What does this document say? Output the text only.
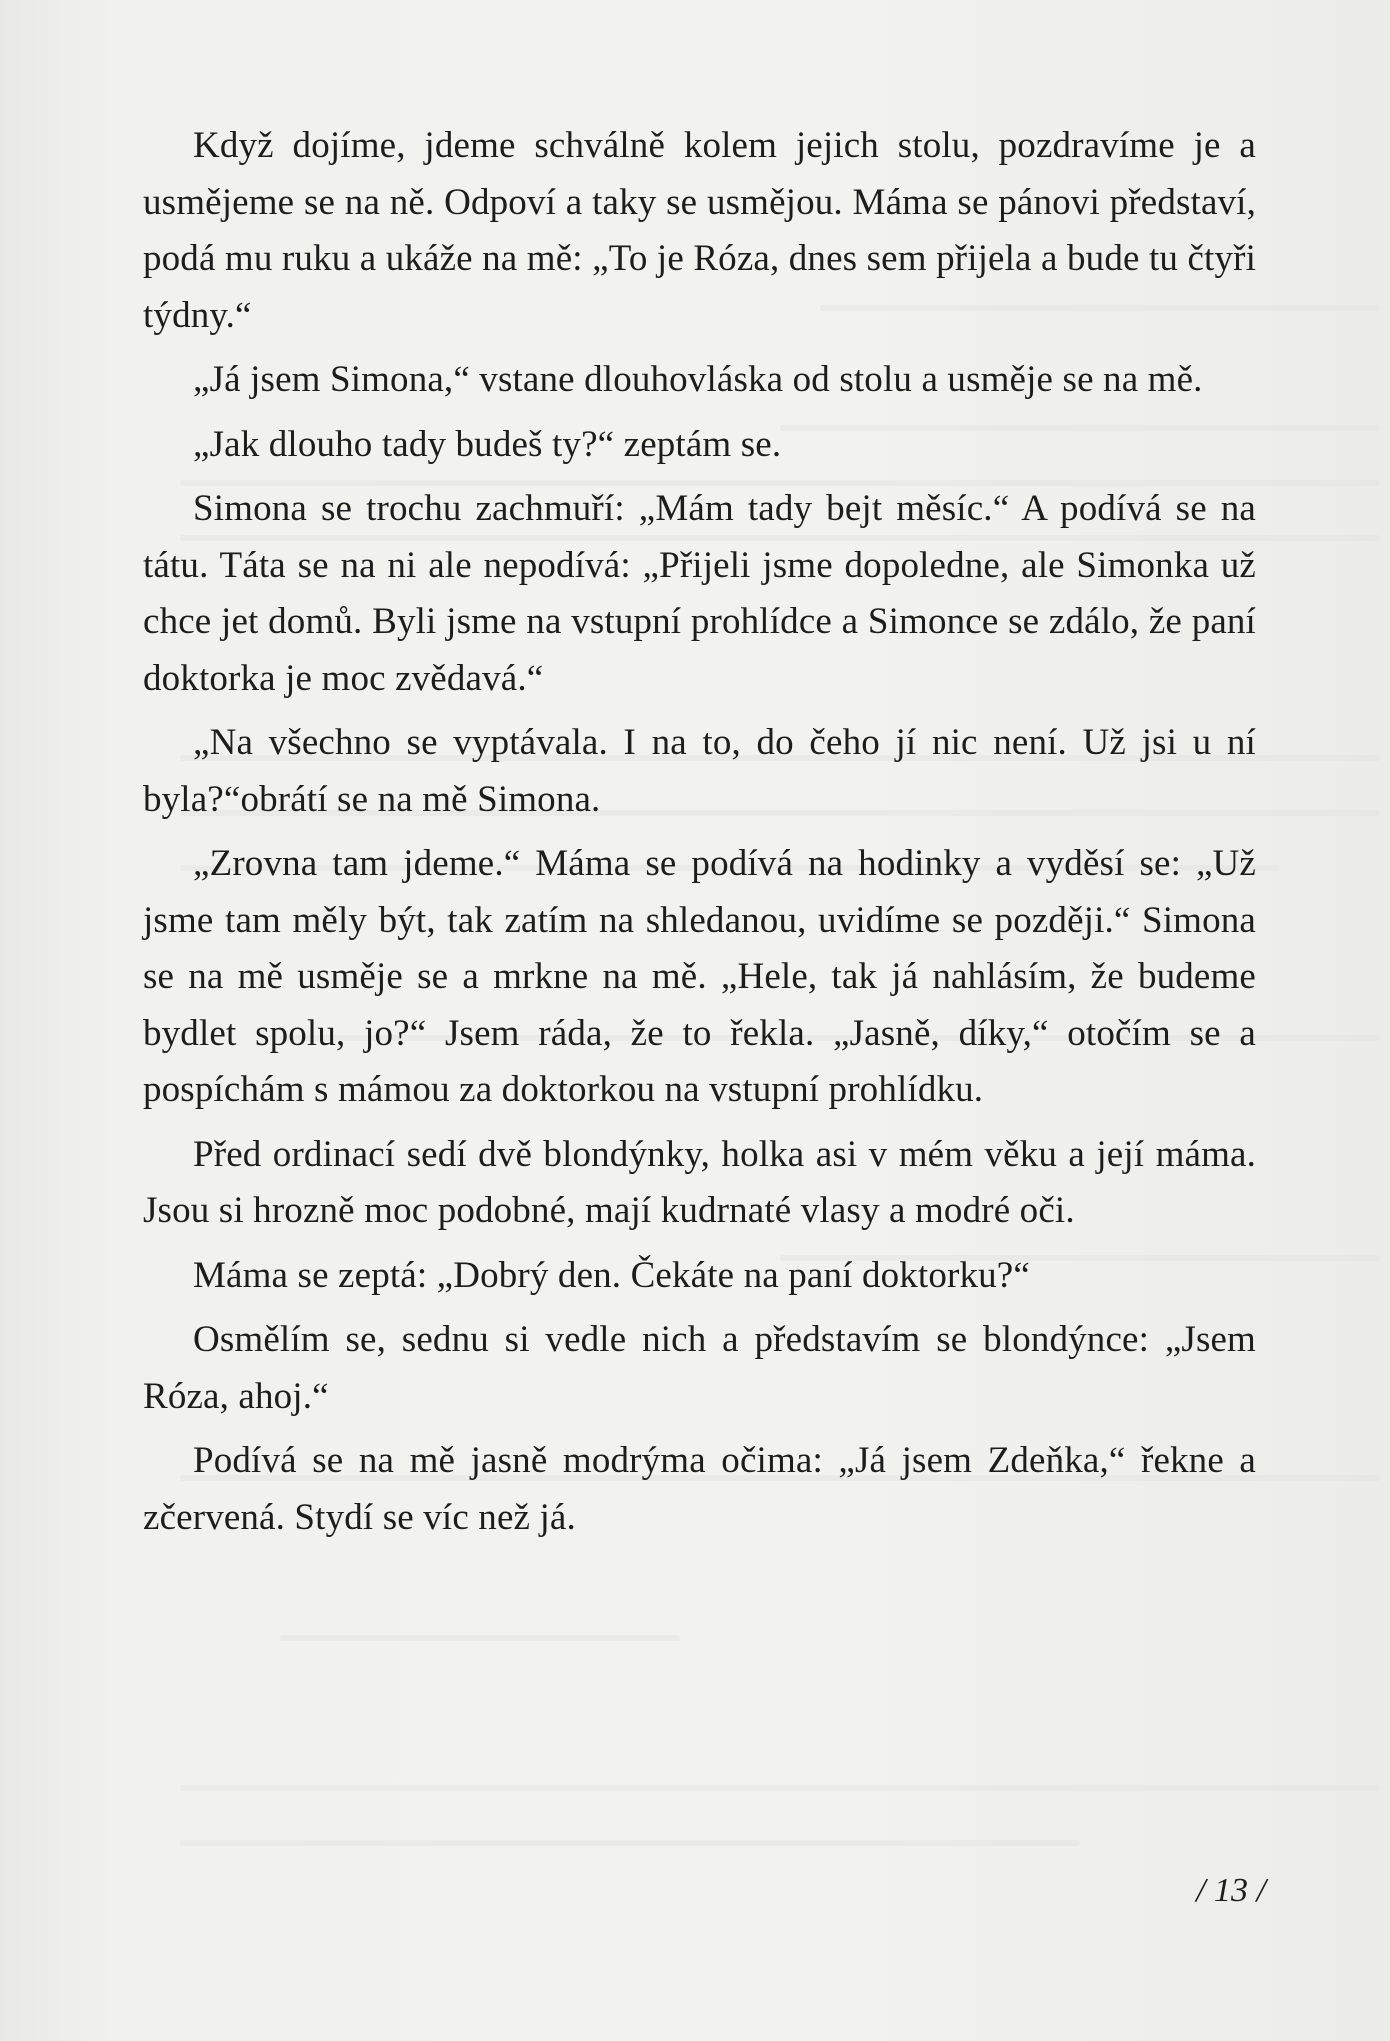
Když dojíme, jdeme schválně kolem jejich stolu, pozdravíme je a usmějeme se na ně. Odpoví a taky se usmějou. Máma se pánovi představí, podá mu ruku a ukáže na mě: „To je Róza, dnes sem přijela a bude tu čtyři týdny.“

„Já jsem Simona,“ vstane dlouhovláska od stolu a usměje se na mě.

„Jak dlouho tady budeš ty?“ zeptám se.

Simona se trochu zachmuří: „Mám tady bejt měsíc.“ A podívá se na tátu. Táta se na ni ale nepodívá: „Přijeli jsme dopoledne, ale Simonka už chce jet domů. Byli jsme na vstupní prohlídce a Simonce se zdálo, že paní doktorka je moc zvědavá.“

„Na všechno se vyptávala. I na to, do čeho jí nic není. Už jsi u ní byla?“obrátí se na mě Simona.

„Zrovna tam jdeme.“ Máma se podívá na hodinky a vyděsí se: „Už jsme tam měly být, tak zatím na shledanou, uvidíme se později.“ Simona se na mě usměje se a mrkne na mě. „Hele, tak já nahlásím, že budeme bydlet spolu, jo?“ Jsem ráda, že to řekla. „Jasně, díky,“ otočím se a pospíchám s mámou za doktorkou na vstupní prohlídku.

Před ordinací sedí dvě blondýnky, holka asi v mém věku a její máma. Jsou si hrozně moc podobné, mají kudrnaté vlasy a modré oči.

Máma se zeptá: „Dobrý den. Čekáte na paní doktorku?“

Osmělím se, sednu si vedle nich a představím se blondýnce: „Jsem Róza, ahoj.“

Podívá se na mě jasně modrýma očima: „Já jsem Zdeňka,“ řekne a zčervená. Stydí se víc než já.

/ 13 /
